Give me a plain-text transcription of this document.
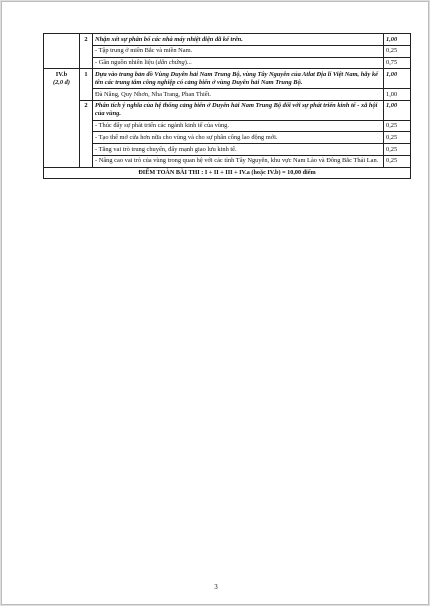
	2	Nhận xét sự phân bố các nhà máy nhiệt điện đã kể trên.	1,00
		- Tập trung ở miền Bắc và miền Nam.	0,25
		- Gần nguồn nhiên liệu (dẫn chứng)...	0,75
IV.b
(2,0 đ)	1	Dựa vào trang bản đồ Vùng Duyên hải Nam Trung Bộ, vùng Tây Nguyên của Atlat Địa lí Việt Nam, hãy kể tên các trung tâm công nghiệp có cảng biển ở vùng Duyên hải Nam Trung Bộ.	1,00
		Đà Nẵng, Quy Nhơn, Nha Trang, Phan Thiết.	1,00
	2	Phân tích ý nghĩa của hệ thống cảng biển ở Duyên hải Nam Trung Bộ đối với sự phát triển kinh tế - xã hội của vùng.	1,00
		- Thúc đẩy sự phát triển các ngành kinh tế của vùng.	0,25
		- Tạo thế mở cửa hơn nữa cho vùng và cho sự phân công lao động mới.	0,25
		- Tăng vai trò trung chuyển, đẩy mạnh giao lưu kinh tế.	0,25
		- Nâng cao vai trò của vùng trong quan hệ với các tỉnh Tây Nguyên, khu vực Nam Lào và Đông Bắc Thái Lan.	0,25
ĐIỂM TOÀN BÀI THI : I + II + III + IV.a (hoặc IV.b) = 10,00 điểm			
3
